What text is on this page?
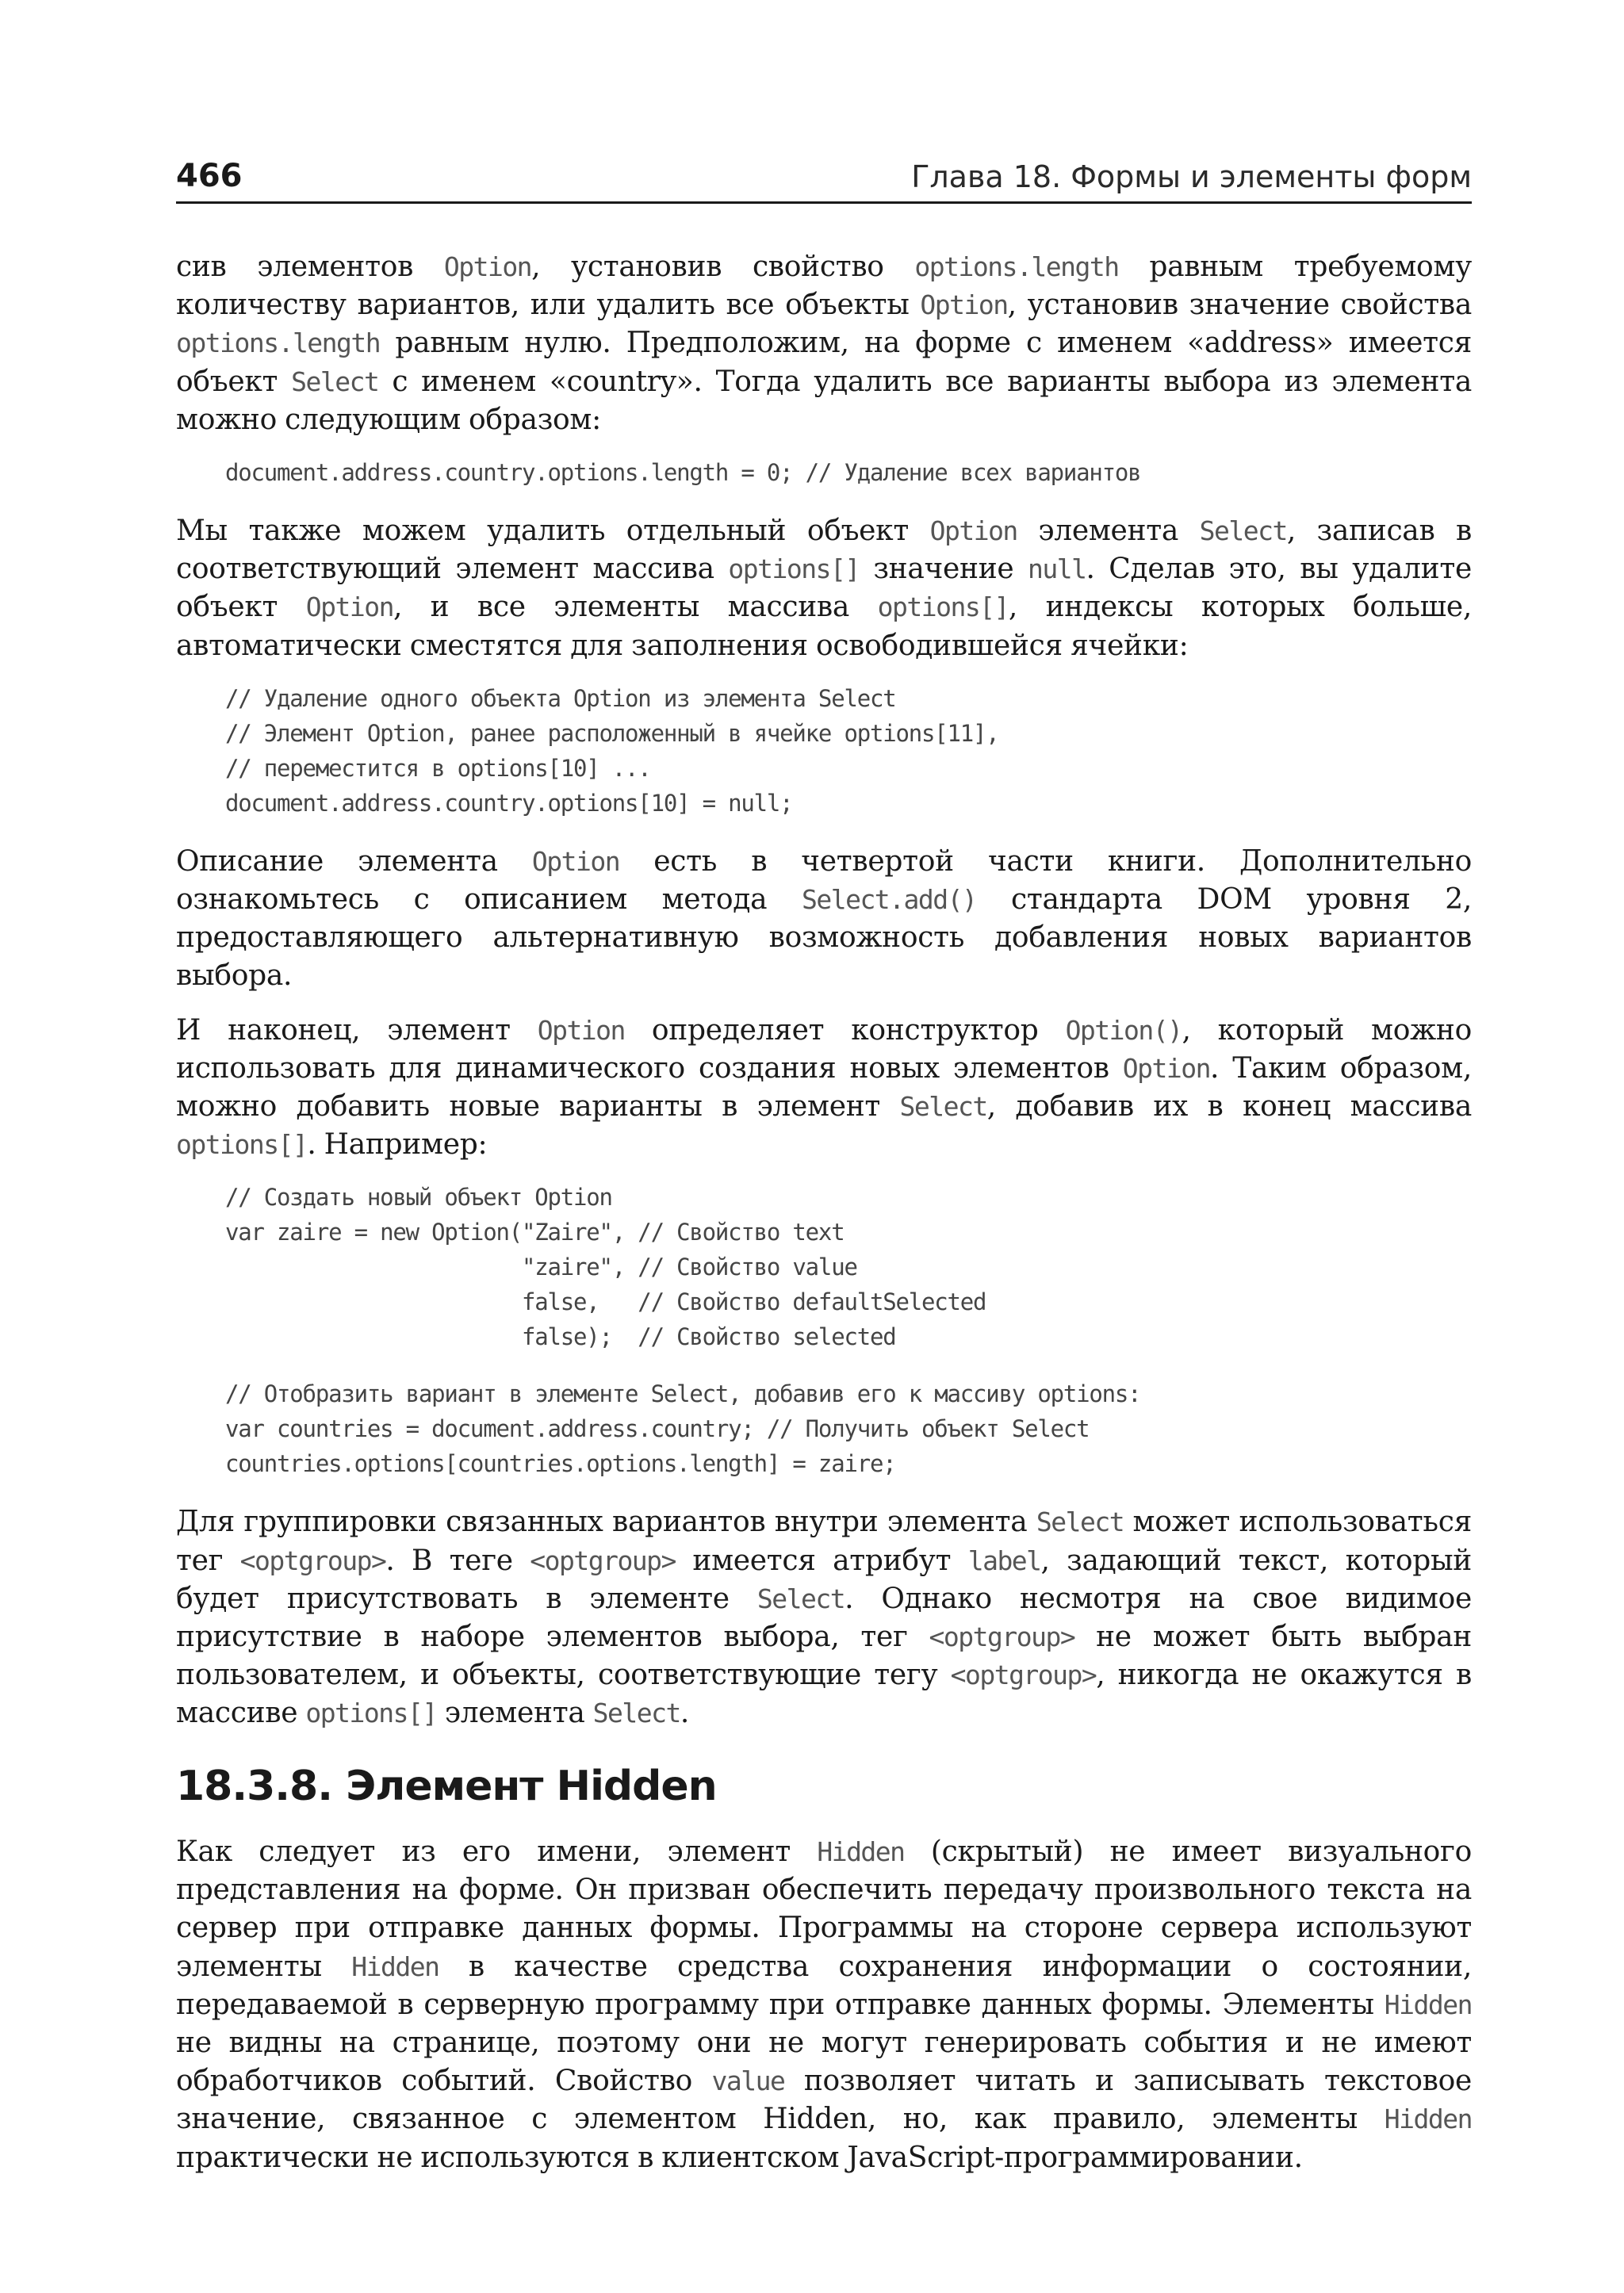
466	Глава 18. Формы и элементы форм

сив элементов Option, установив свойство options.length равным требуемому количеству вариантов, или удалить все объекты Option, установив значение свойства options.length равным нулю. Предположим, на форме с именем «address» имеется объект Select с именем «country». Тогда удалить все варианты выбора из элемента можно следующим образом:

document.address.country.options.length = 0; // Удаление всех вариантов

Мы также можем удалить отдельный объект Option элемента Select, записав в соответствующий элемент массива options[] значение null. Сделав это, вы удалите объект Option, и все элементы массива options[], индексы которых больше, автоматически сместятся для заполнения освободившейся ячейки:

// Удаление одного объекта Option из элемента Select
// Элемент Option, ранее расположенный в ячейке options[11],
// переместится в options[10] ...
document.address.country.options[10] = null;

Описание элемента Option есть в четвертой части книги. Дополнительно ознакомьтесь с описанием метода Select.add() стандарта DOM уровня 2, предоставляющего альтернативную возможность добавления новых вариантов выбора.

И наконец, элемент Option определяет конструктор Option(), который можно использовать для динамического создания новых элементов Option. Таким образом, можно добавить новые варианты в элемент Select, добавив их в конец массива options[]. Например:

// Создать новый объект Option
var zaire = new Option("Zaire", // Свойство text
"zaire", // Свойство value
false,   // Свойство defaultSelected
false);  // Свойство selected
// Отобразить вариант в элементе Select, добавив его к массиву options:
var countries = document.address.country; // Получить объект Select
countries.options[countries.options.length] = zaire;

Для группировки связанных вариантов внутри элемента Select может использоваться тег <optgroup>. В теге <optgroup> имеется атрибут label, задающий текст, который будет присутствовать в элементе Select. Однако несмотря на свое видимое присутствие в наборе элементов выбора, тег <optgroup> не может быть выбран пользователем, и объекты, соответствующие тегу <optgroup>, никогда не окажутся в массиве options[] элемента Select.

18.3.8. Элемент Hidden

Как следует из его имени, элемент Hidden (скрытый) не имеет визуального представления на форме. Он призван обеспечить передачу произвольного текста на сервер при отправке данных формы. Программы на стороне сервера используют элементы Hidden в качестве средства сохранения информации о состоянии, передаваемой в серверную программу при отправке данных формы. Элементы Hidden не видны на странице, поэтому они не могут генерировать события и не имеют обработчиков событий. Свойство value позволяет читать и записывать текстовое значение, связанное с элементом Hidden, но, как правило, элементы Hidden практически не используются в клиентском JavaScript-программировании.
